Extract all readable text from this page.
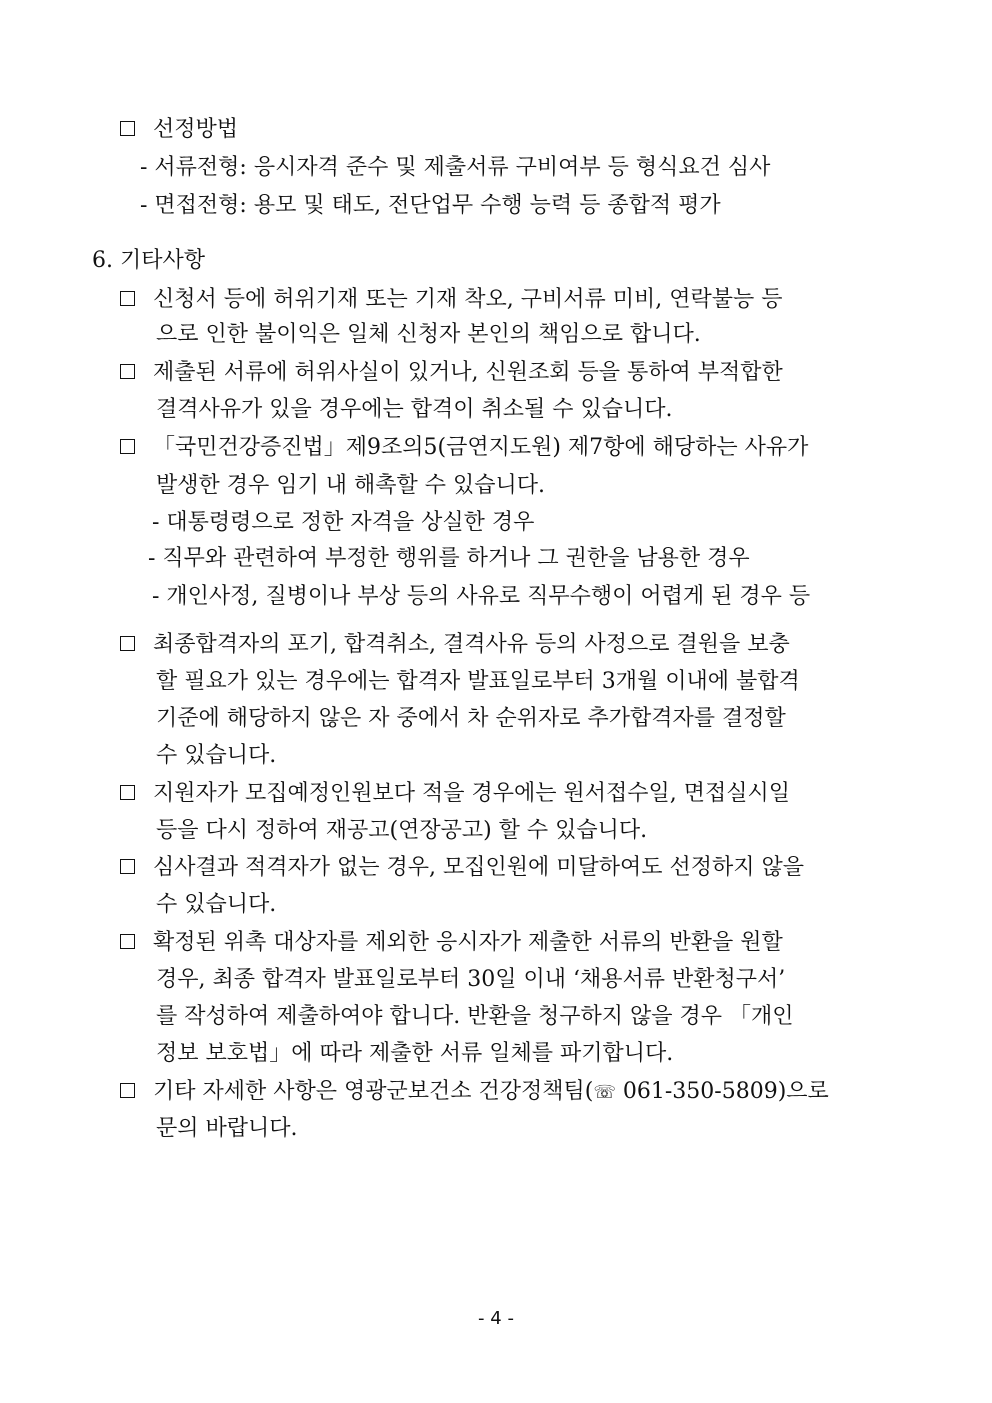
선정방법
- 서류전형: 응시자격 준수 및 제출서류 구비여부 등 형식요건 심사
- 면접전형: 용모 및 태도, 전단업무 수행 능력 등 종합적 평가
6. 기타사항
신청서 등에 허위기재 또는 기재 착오, 구비서류 미비, 연락불능 등
으로 인한 불이익은 일체 신청자 본인의 책임으로 합니다.
제출된 서류에 허위사실이 있거나, 신원조회 등을 통하여 부적합한
결격사유가 있을 경우에는 합격이 취소될 수 있습니다.
「국민건강증진법」제9조의5(금연지도원) 제7항에 해당하는 사유가
발생한 경우 임기 내 해촉할 수 있습니다.
- 대통령령으로 정한 자격을 상실한 경우
- 직무와 관련하여 부정한 행위를 하거나 그 권한을 남용한 경우
- 개인사정, 질병이나 부상 등의 사유로 직무수행이 어렵게 된 경우 등
최종합격자의 포기, 합격취소, 결격사유 등의 사정으로 결원을 보충
할 필요가 있는 경우에는 합격자 발표일로부터 3개월 이내에 불합격
기준에 해당하지 않은 자 중에서 차 순위자로 추가합격자를 결정할
수 있습니다.
지원자가 모집예정인원보다 적을 경우에는 원서접수일, 면접실시일
등을 다시 정하여 재공고(연장공고) 할 수 있습니다.
심사결과 적격자가 없는 경우, 모집인원에 미달하여도 선정하지 않을
수 있습니다.
확정된 위촉 대상자를 제외한 응시자가 제출한 서류의 반환을 원할
경우, 최종 합격자 발표일로부터 30일 이내 ‘채용서류 반환청구서’
를 작성하여 제출하여야 합니다. 반환을 청구하지 않을 경우 「개인
정보 보호법」에 따라 제출한 서류 일체를 파기합니다.
기타 자세한 사항은 영광군보건소 건강정책팀(☏ 061-350-5809)으로
문의 바랍니다.
- 4 -
